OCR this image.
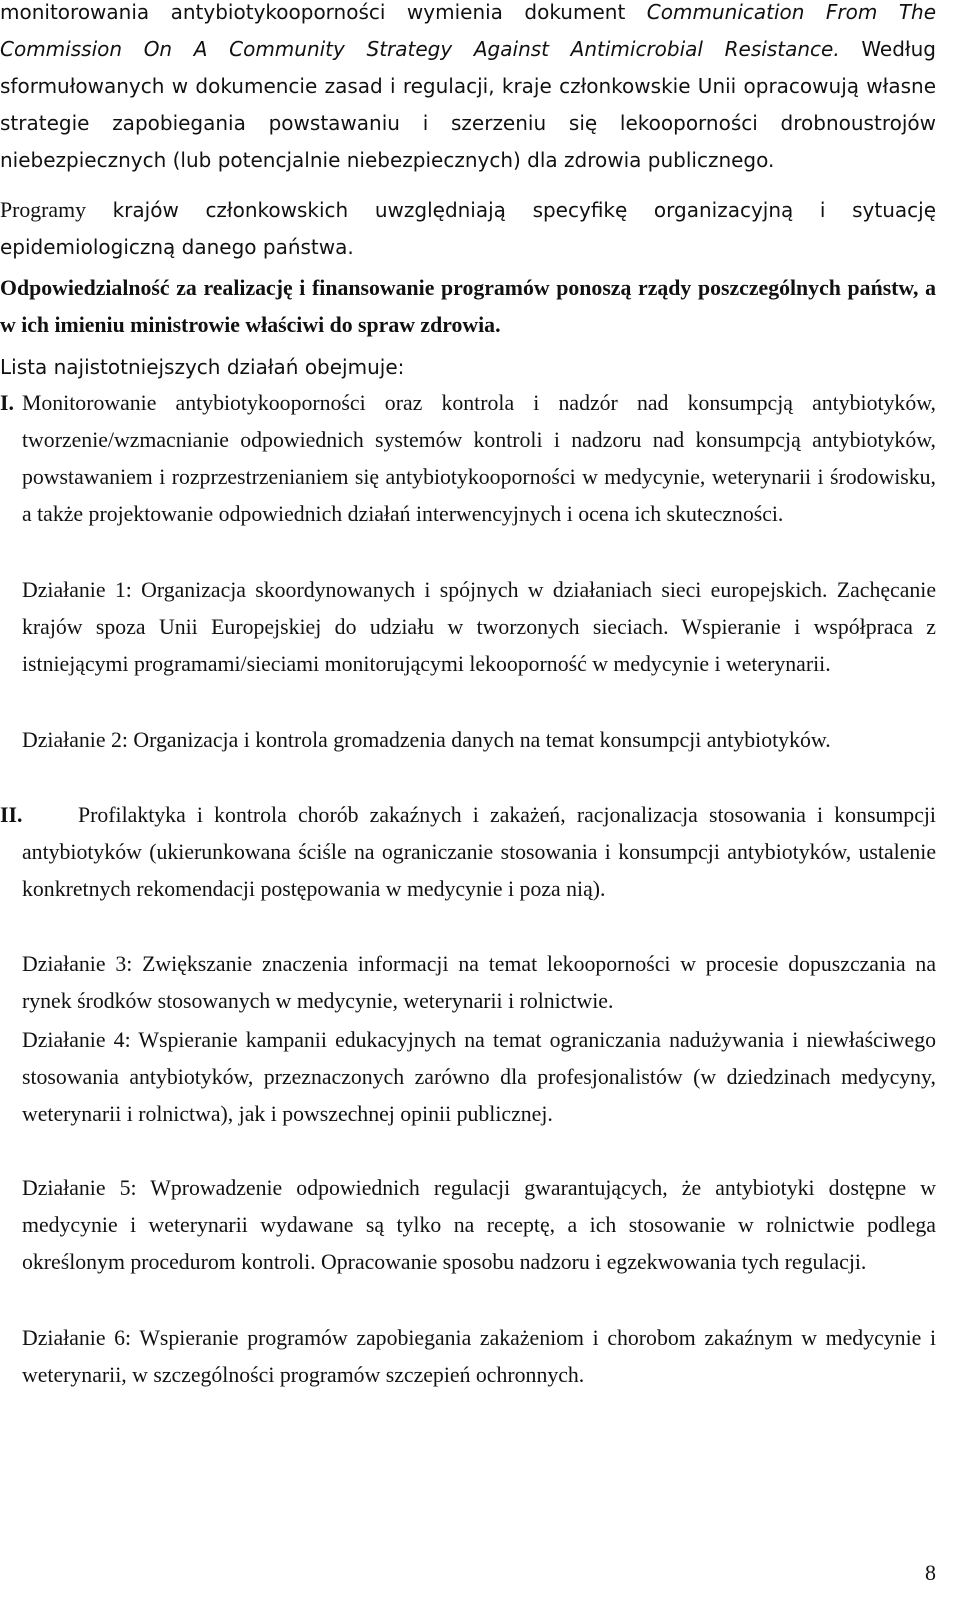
monitorowania antybiotykooporności wymienia dokument Communication From The Commission On A Community Strategy Against Antimicrobial Resistance. Według sformułowanych w dokumencie zasad i regulacji, kraje członkowskie Unii opracowują własne strategie zapobiegania powstawaniu i szerzeniu się lekooporności drobnoustrojów niebezpiecznych (lub potencjalnie niebezpiecznych) dla zdrowia publicznego.

Programy krajów członkowskich uwzględniają specyfikę organizacyjną i sytuację epidemiologiczną danego państwa.

Odpowiedzialność za realizację i finansowanie programów ponoszą rządy poszczególnych państw, a w ich imieniu ministrowie właściwi do spraw zdrowia.

Lista najistotniejszych działań obejmuje:

I. Monitorowanie antybiotykooporności oraz kontrola i nadzór nad konsumpcją antybiotyków, tworzenie/wzmacnianie odpowiednich systemów kontroli i nadzoru nad konsumpcją antybiotyków, powstawaniem i rozprzestrzenianiem się antybiotykooporności w medycynie, weterynarii i środowisku, a także projektowanie odpowiednich działań interwencyjnych i ocena ich skuteczności.

Działanie 1: Organizacja skoordynowanych i spójnych w działaniach sieci europejskich. Zachęcanie krajów spoza Unii Europejskiej do udziału w tworzonych sieciach. Wspieranie i współpraca z istniejącymi programami/sieciami monitorującymi lekooporność w medycynie i weterynarii.

Działanie 2: Organizacja i kontrola gromadzenia danych na temat konsumpcji antybiotyków.

II.	Profilaktyka i kontrola chorób zakaźnych i zakażeń, racjonalizacja stosowania i konsumpcji antybiotyków (ukierunkowana ściśle na ograniczanie stosowania i konsumpcji antybiotyków, ustalenie konkretnych rekomendacji postępowania w medycynie i poza nią).

Działanie 3: Zwiększanie znaczenia informacji na temat lekooporności w procesie dopuszczania na rynek środków stosowanych w medycynie, weterynarii i rolnictwie.

Działanie 4: Wspieranie kampanii edukacyjnych na temat ograniczania nadużywania i niewłaściwego stosowania antybiotyków, przeznaczonych zarówno dla profesjonalistów (w dziedzinach medycyny, weterynarii i rolnictwa), jak i powszechnej opinii publicznej.

Działanie 5: Wprowadzenie odpowiednich regulacji gwarantujących, że antybiotyki dostępne w medycynie i weterynarii wydawane są tylko na receptę, a ich stosowanie w rolnictwie podlega określonym procedurom kontroli. Opracowanie sposobu nadzoru i egzekwowania tych regulacji.

Działanie 6: Wspieranie programów zapobiegania zakażeniom i chorobom zakaźnym w medycynie i weterynarii, w szczególności programów szczepień ochronnych.

8
